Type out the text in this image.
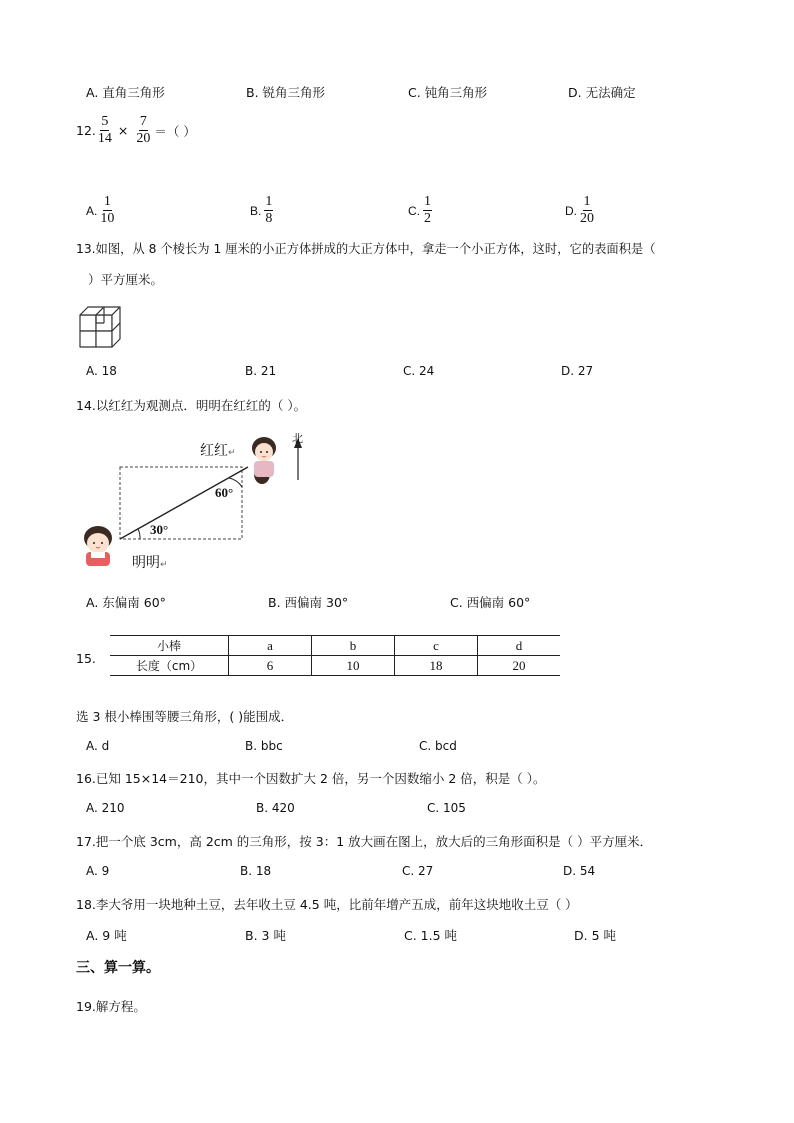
A. 直角三角形	B. 锐角三角形	C. 钝角三角形	D. 无法确定
12. $\frac{5}{14} \times \frac{7}{20}$ ＝（ ）
A. $\frac{1}{10}$	B. $\frac{1}{8}$	C. $\frac{1}{2}$	D. $\frac{1}{20}$
13.如图，从 8 个棱长为 1 厘米的小正方体拼成的大正方体中，拿走一个小正方体，这时，它的表面积是（
）平方厘米。
A. 18	B. 21	C. 24	D. 27
14.以红红为观测点．明明在红红的（ ）。
红红↵
北
60°
30°
明明↵
A. 东偏南 60°	B. 西偏南 30°	C. 西偏南 60°
15.
小棒	a	b	c	d
长度（cm）	6	10	18	20
选 3 根小棒围等腰三角形，( )能围成．
A. d	B. bbc	C. bcd
16.已知 15×14＝210，其中一个因数扩大 2 倍，另一个因数缩小 2 倍，积是（ ）。
A. 210	B. 420	C. 105
17.把一个底 3cm，高 2cm 的三角形，按 3：1 放大画在图上，放大后的三角形面积是（ ）平方厘米．
A. 9	B. 18	C. 27	D. 54
18.李大爷用一块地种土豆，去年收土豆 4.5 吨，比前年增产五成，前年这块地收土豆（ ）
A. 9 吨	B. 3 吨	C. 1.5 吨	D. 5 吨
三、算一算。
19.解方程。
